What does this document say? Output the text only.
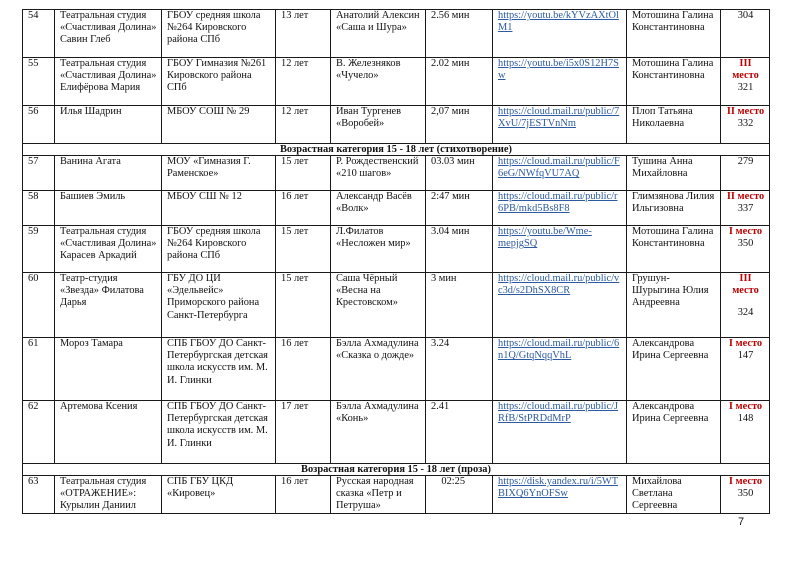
54	Театральная студия «Счастливая Долина» Савин Глеб	ГБОУ средняя школа №264 Кировского района СПб	13 лет	Анатолий Алексин «Саша и Шура»	2.56 мин	https://youtu.be/kYVzAXtOlM1	Мотошина Галина Константиновна	304

55	Театральная студия «Счастливая Долина» Елифёрова Мария	ГБОУ Гимназия №261 Кировского района СПб	12 лет	В. Железняков «Чучело»	2.02 мин	https://youtu.be/i5x0S12H7Sw	Мотошина Галина Константиновна	III место
321

56	Илья Шадрин	МБОУ СОШ № 29	12 лет	Иван Тургенев «Воробей»	2,07 мин	https://cloud.mail.ru/public/7XvU/7jESTVnNm	Плоп Татьяна Николаевна	II место
332

Возрастная категория 15 - 18 лет (стихотворение)								
57	Ванина Агата	МОУ «Гимназия Г. Раменское»	15 лет	Р. Рождественский «210 шагов»	03.03 мин	https://cloud.mail.ru/public/F6eG/NWfqVU7AQ	Тушина Анна Михайловна	279

58	Башиев Эмиль	МБОУ СШ № 12	16 лет	Александр Васёв «Волк»	2:47 мин	https://cloud.mail.ru/public/r6PB/mkd5Bs8F8	Глимзянова Лилия Ильгизовна	II место
337

59	Театральная студия «Счастливая Долина» Карасев Аркадий	ГБОУ средняя школа №264 Кировского района СПб	15 лет	Л.Филатов «Несложен мир»	3.04 мин	https://youtu.be/Wme-mepjgSQ	Мотошина Галина Константиновна	I место
350

60	Театр-студия «Звезда» Филатова Дарья	ГБУ ДО ЦИ «Эдельвейс» Приморского района Санкт-Петербурга	15 лет	Саша Чёрный «Весна на Крестовском»	3 мин	https://cloud.mail.ru/public/vc3d/s2DhSX8CR	Грушун-Шурыгина Юлия Андреевна	III место
324

61	Мороз Тамара	СПБ ГБОУ ДО Санкт-Петербургская детская школа искусств им. М. И. Глинки	16 лет	Бэлла Ахмадулина «Сказка о дожде»	3.24	https://cloud.mail.ru/public/6n1Q/GtqNqqVhL	Александрова Ирина Сергеевна	I место
147

62	Артемова Ксения	СПБ ГБОУ ДО Санкт-Петербургская детская школа искусств им. М. И. Глинки	17 лет	Бэлла Ахмадулина «Конь»	2.41	https://cloud.mail.ru/public/JRfB/StPRDdMrP	Александрова Ирина Сергеевна	I место
148

Возрастная категория 15 - 18 лет (проза)								
63	Театральная студия «ОТРАЖЕНИЕ»: Курылин Даниил	СПБ ГБУ ЦКД «Кировец»	16 лет	Русская народная сказка «Петр и Петруша»	02:25	https://disk.yandex.ru/i/5WTBIXQ6YnOFSw	Михайлова Светлана Сергеевна	I место
350
7
